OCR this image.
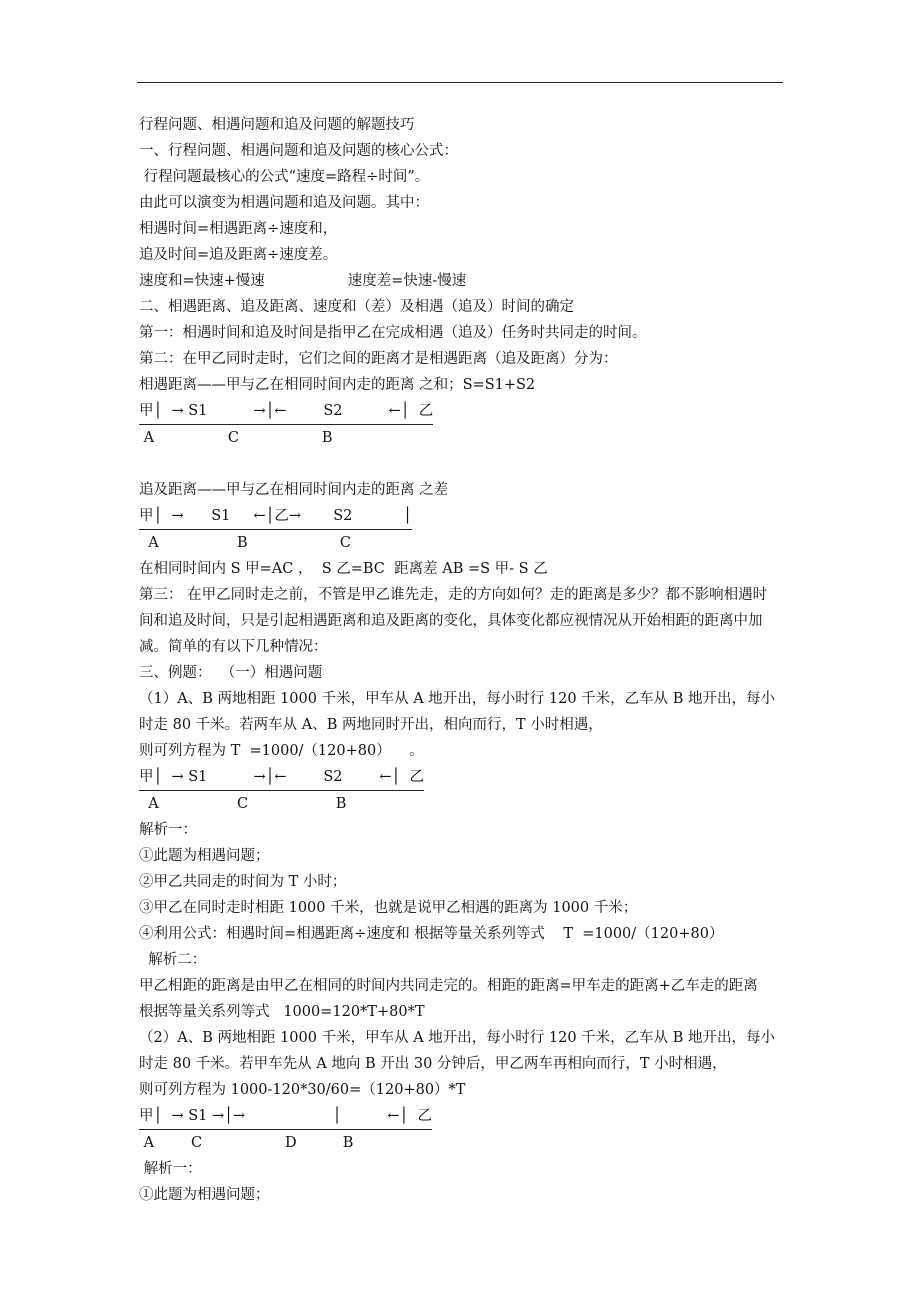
行程问题、相遇问题和追及问题的解题技巧
一、行程问题、相遇问题和追及问题的核心公式：
行程问题最核心的公式“速度=路程÷时间”。
由此可以演变为相遇问题和追及问题。其中：
相遇时间=相遇距离÷速度和，
追及时间=追及距离÷速度差。
速度和=快速+慢速                  速度差=快速-慢速
二、相遇距离、追及距离、速度和（差）及相遇（追及）时间的确定
第一：相遇时间和追及时间是指甲乙在完成相遇（追及）任务时共同走的时间。
第二：在甲乙同时走时，它们之间的距离才是相遇距离（追及距离）分为：
相遇距离——甲与乙在相同时间内走的距离 之和；S=S1+S2
甲│  → S1          →│←        S2          ←│  乙
A                C                  B
追及距离——甲与乙在相同时间内走的距离 之差
甲│  →      S1     ←│乙→       S2           │
A                 B                    C
在相同时间内 S 甲=AC ，  S 乙=BC  距离差 AB =S 甲- S 乙
第三： 在甲乙同时走之前，不管是甲乙谁先走，走的方向如何？走的距离是多少？都不影响相遇时间和追及时间，只是引起相遇距离和追及距离的变化，具体变化都应视情况从开始相距的距离中加减。简单的有以下几种情况：
三、例题：  （一）相遇问题
（1）A、B 两地相距 1000 千米，甲车从 A 地开出，每小时行 120 千米，乙车从 B 地开出，每小时走 80 千米。若两车从 A、B 两地同时开出，相向而行，T 小时相遇，
则可列方程为 T  =1000/（120+80）    。
甲│  → S1          →│←        S2        ←│  乙
A                 C                   B
解析一：
①此题为相遇问题；
②甲乙共同走的时间为 T 小时；
③甲乙在同时走时相距 1000 千米，也就是说甲乙相遇的距离为 1000 千米；
④利用公式：相遇时间=相遇距离÷速度和 根据等量关系列等式    T  =1000/（120+80）
解析二：
甲乙相距的距离是由甲乙在相同的时间内共同走完的。相距的距离=甲车走的距离+乙车走的距离
根据等量关系列等式   1000=120*T+80*T
（2）A、B 两地相距 1000 千米，甲车从 A 地开出，每小时行 120 千米，乙车从 B 地开出，每小时走 80 千米。若甲车先从 A 地向 B 开出 30 分钟后，甲乙两车再相向而行，T 小时相遇，
则可列方程为 1000-120*30/60=（120+80）*T
甲│  → S1 →│→                   │          ←│  乙
A        C                  D          B
解析一：
①此题为相遇问题；
